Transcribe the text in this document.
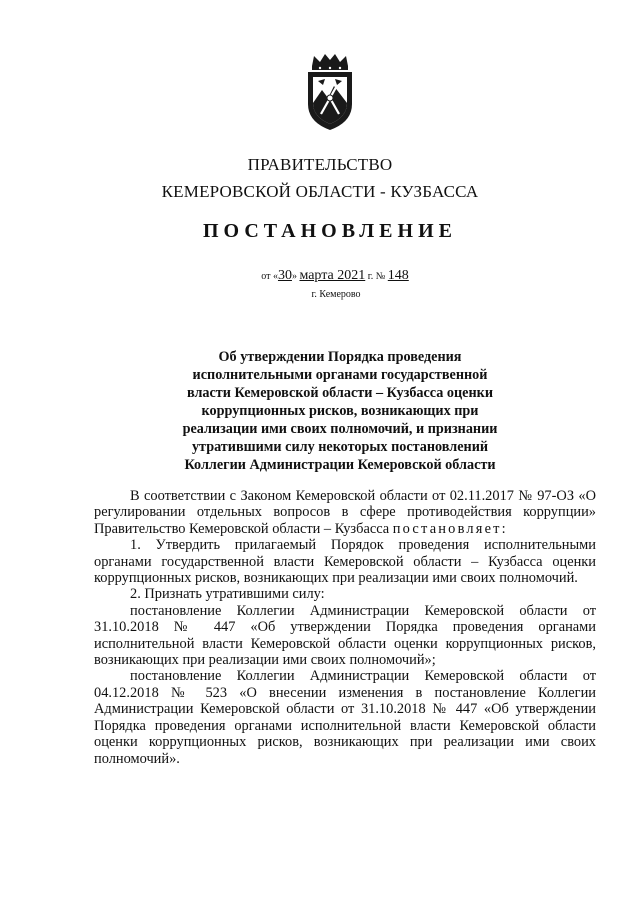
ПРАВИТЕЛЬСТВО
КЕМЕРОВСКОЙ ОБЛАСТИ - КУЗБАССА
ПОСТАНОВЛЕНИЕ
от «30» марта 2021 г. № 148
г. Кемерово
Об утверждении Порядка проведения
исполнительными органами государственной
власти Кемеровской области – Кузбасса оценки
коррупционных рисков, возникающих при
реализации ими своих полномочий, и признании
утратившими силу некоторых постановлений
Коллегии Администрации Кемеровской области

В соответствии с Законом Кемеровской области от 02.11.2017 № 97-ОЗ «О регулировании отдельных вопросов в сфере противодействия коррупции» Правительство Кемеровской области – Кузбасса постановляет:

1. Утвердить прилагаемый Порядок проведения исполнительными органами государственной власти Кемеровской области – Кузбасса оценки коррупционных рисков, возникающих при реализации ими своих полномочий.

2. Признать утратившими силу:

постановление Коллегии Администрации Кемеровской области от 31.10.2018 № 447 «Об утверждении Порядка проведения органами исполнительной власти Кемеровской области оценки коррупционных рисков, возникающих при реализации ими своих полномочий»;

постановление Коллегии Администрации Кемеровской области от 04.12.2018 № 523 «О внесении изменения в постановление Коллегии Администрации Кемеровской области от 31.10.2018 № 447 «Об утверждении Порядка проведения органами исполнительной власти Кемеровской области оценки коррупционных рисков, возникающих при реализации ими своих полномочий».
